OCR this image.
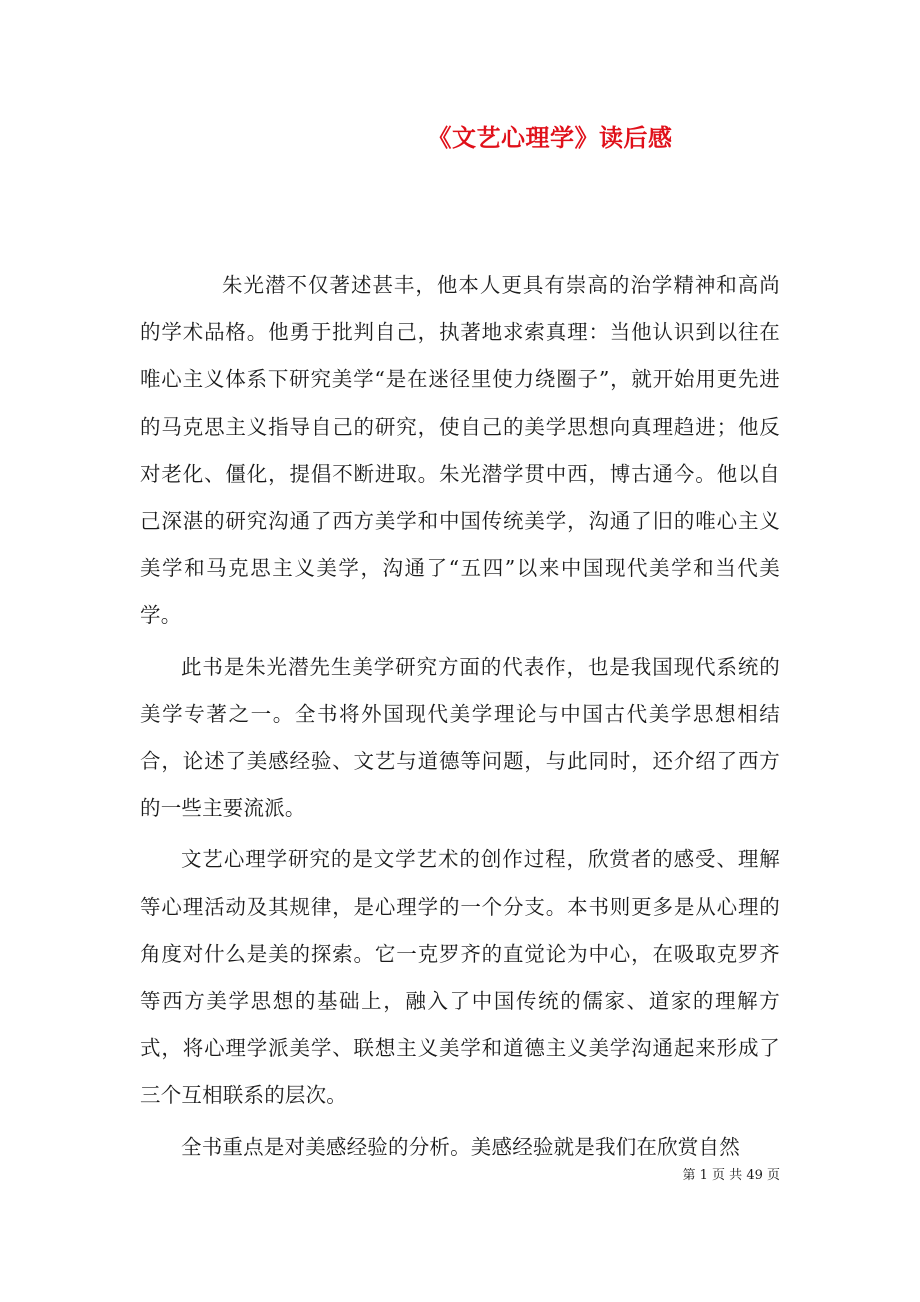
《文艺心理学》读后感

朱光潜不仅著述甚丰，他本人更具有崇高的治学精神和高尚的学术品格。他勇于批判自己，执著地求索真理：当他认识到以往在唯心主义体系下研究美学“是在迷径里使力绕圈子”，就开始用更先进的马克思主义指导自己的研究，使自己的美学思想向真理趋进；他反对老化、僵化，提倡不断进取。朱光潜学贯中西，博古通今。他以自己深湛的研究沟通了西方美学和中国传统美学，沟通了旧的唯心主义美学和马克思主义美学，沟通了“五四”以来中国现代美学和当代美学。

此书是朱光潜先生美学研究方面的代表作，也是我国现代系统的美学专著之一。全书将外国现代美学理论与中国古代美学思想相结合，论述了美感经验、文艺与道德等问题，与此同时，还介绍了西方的一些主要流派。

文艺心理学研究的是文学艺术的创作过程，欣赏者的感受、理解等心理活动及其规律，是心理学的一个分支。本书则更多是从心理的角度对什么是美的探索。它一克罗齐的直觉论为中心，在吸取克罗齐等西方美学思想的基础上，融入了中国传统的儒家、道家的理解方式，将心理学派美学、联想主义美学和道德主义美学沟通起来形成了三个互相联系的层次。

全书重点是对美感经验的分析。美感经验就是我们在欣赏自然

第 1 页 共 49 页
